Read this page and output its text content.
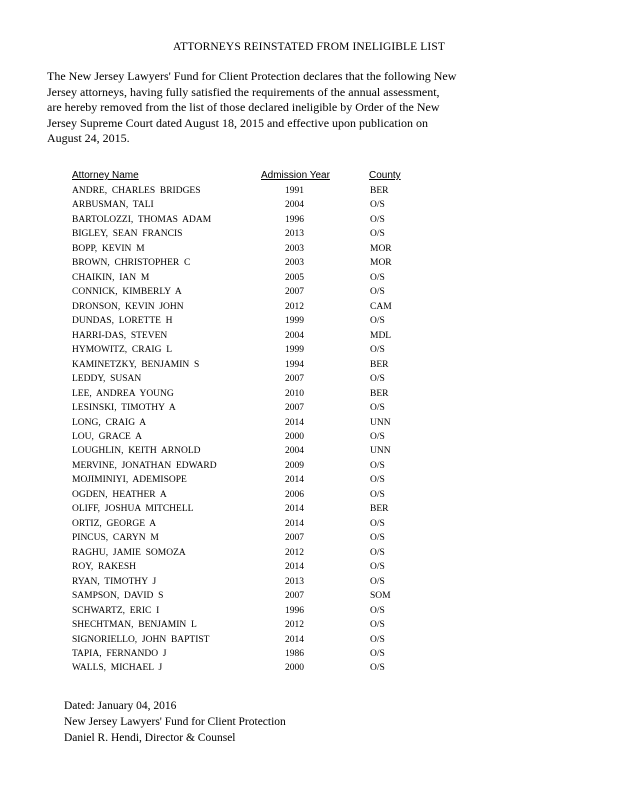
ATTORNEYS REINSTATED FROM INELIGIBLE LIST
The New Jersey Lawyers' Fund for Client Protection declares that the following New Jersey attorneys, having fully satisfied the requirements of the annual assessment, are hereby removed from the list of those declared ineligible by Order of the New Jersey Supreme Court dated August 18, 2015 and effective upon publication on August 24, 2015.
Attorney Name	Admission Year	County
ANDRE,  CHARLES  BRIDGES	1991	BER
ARBUSMAN,  TALI	2004	O/S
BARTOLOZZI,  THOMAS  ADAM	1996	O/S
BIGLEY,  SEAN  FRANCIS	2013	O/S
BOPP,  KEVIN  M	2003	MOR
BROWN,  CHRISTOPHER  C	2003	MOR
CHAIKIN,  IAN  M	2005	O/S
CONNICK,  KIMBERLY  A	2007	O/S
DRONSON,  KEVIN  JOHN	2012	CAM
DUNDAS,  LORETTE  H	1999	O/S
HARRI-DAS,  STEVEN	2004	MDL
HYMOWITZ,  CRAIG  L	1999	O/S
KAMINETZKY,  BENJAMIN  S	1994	BER
LEDDY,  SUSAN	2007	O/S
LEE,  ANDREA  YOUNG	2010	BER
LESINSKI,  TIMOTHY  A	2007	O/S
LONG,  CRAIG  A	2014	UNN
LOU,  GRACE  A	2000	O/S
LOUGHLIN,  KEITH  ARNOLD	2004	UNN
MERVINE,  JONATHAN  EDWARD	2009	O/S
MOJIMINIYI,  ADEMISOPE	2014	O/S
OGDEN,  HEATHER  A	2006	O/S
OLIFF,  JOSHUA  MITCHELL	2014	BER
ORTIZ,  GEORGE  A	2014	O/S
PINCUS,  CARYN  M	2007	O/S
RAGHU,  JAMIE  SOMOZA	2012	O/S
ROY,  RAKESH	2014	O/S
RYAN,  TIMOTHY  J	2013	O/S
SAMPSON,  DAVID  S	2007	SOM
SCHWARTZ,  ERIC  I	1996	O/S
SHECHTMAN,  BENJAMIN  L	2012	O/S
SIGNORIELLO,  JOHN  BAPTIST	2014	O/S
TAPIA,  FERNANDO  J	1986	O/S
WALLS,  MICHAEL  J	2000	O/S
Dated: January 04, 2016
New Jersey Lawyers' Fund for Client Protection
Daniel R. Hendi, Director & Counsel
